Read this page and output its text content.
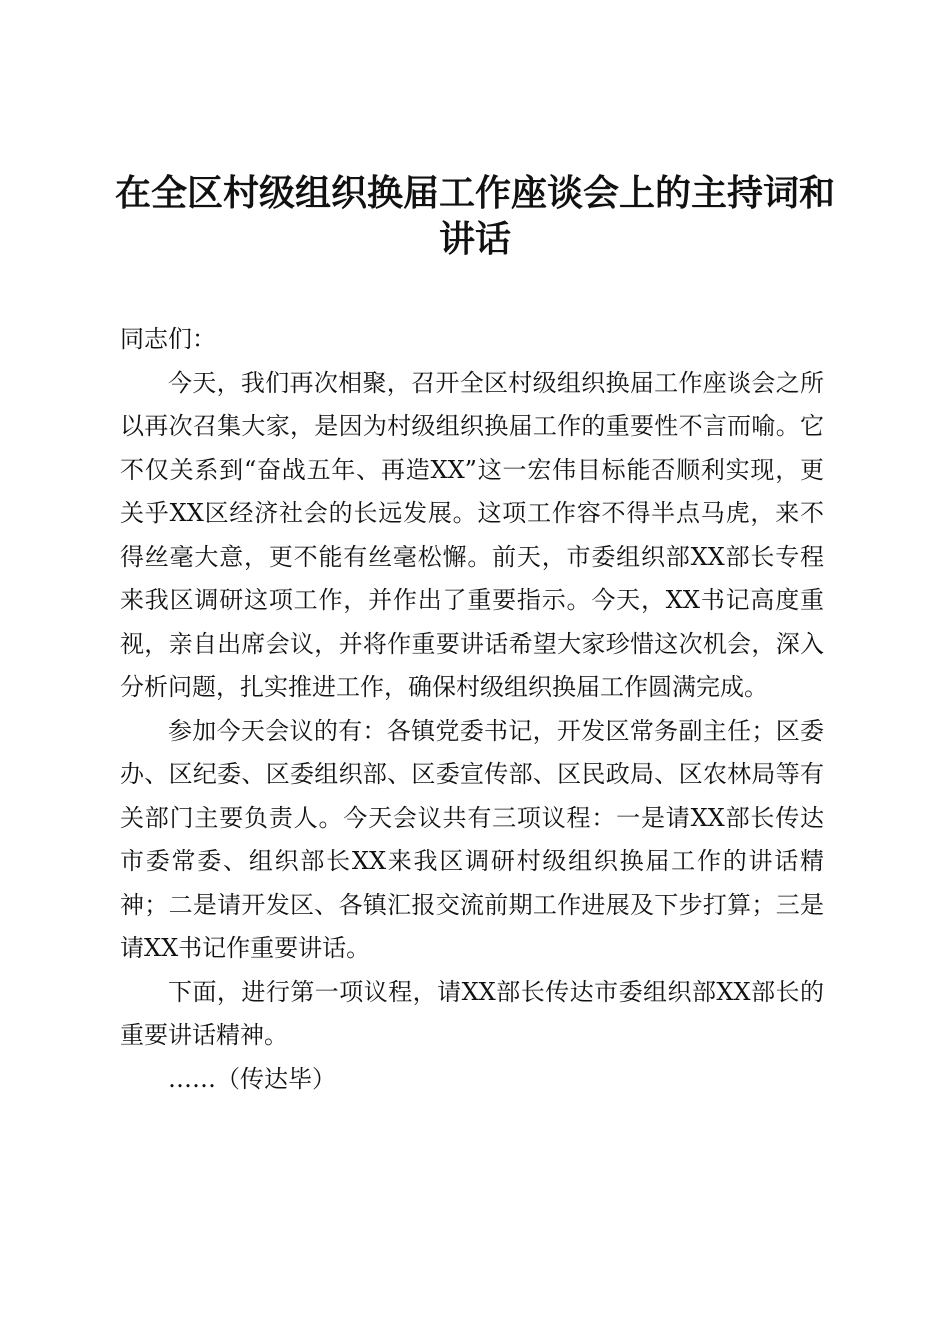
在全区村级组织换届工作座谈会上的主持词和讲话

同志们：

今天，我们再次相聚，召开全区村级组织换届工作座谈会之所以再次召集大家，是因为村级组织换届工作的重要性不言而喻。它不仅关系到“奋战五年、再造XX”这一宏伟目标能否顺利实现，更关乎XX区经济社会的长远发展。这项工作容不得半点马虎，来不得丝毫大意，更不能有丝毫松懈。前天，市委组织部XX部长专程来我区调研这项工作，并作出了重要指示。今天，XX书记高度重视，亲自出席会议，并将作重要讲话希望大家珍惜这次机会，深入分析问题，扎实推进工作，确保村级组织换届工作圆满完成。

参加今天会议的有：各镇党委书记，开发区常务副主任；区委办、区纪委、区委组织部、区委宣传部、区民政局、区农林局等有关部门主要负责人。今天会议共有三项议程：一是请XX部长传达市委常委、组织部长XX来我区调研村级组织换届工作的讲话精神；二是请开发区、各镇汇报交流前期工作进展及下步打算；三是请XX书记作重要讲话。

下面，进行第一项议程，请XX部长传达市委组织部XX部长的重要讲话精神。

……（传达毕）
